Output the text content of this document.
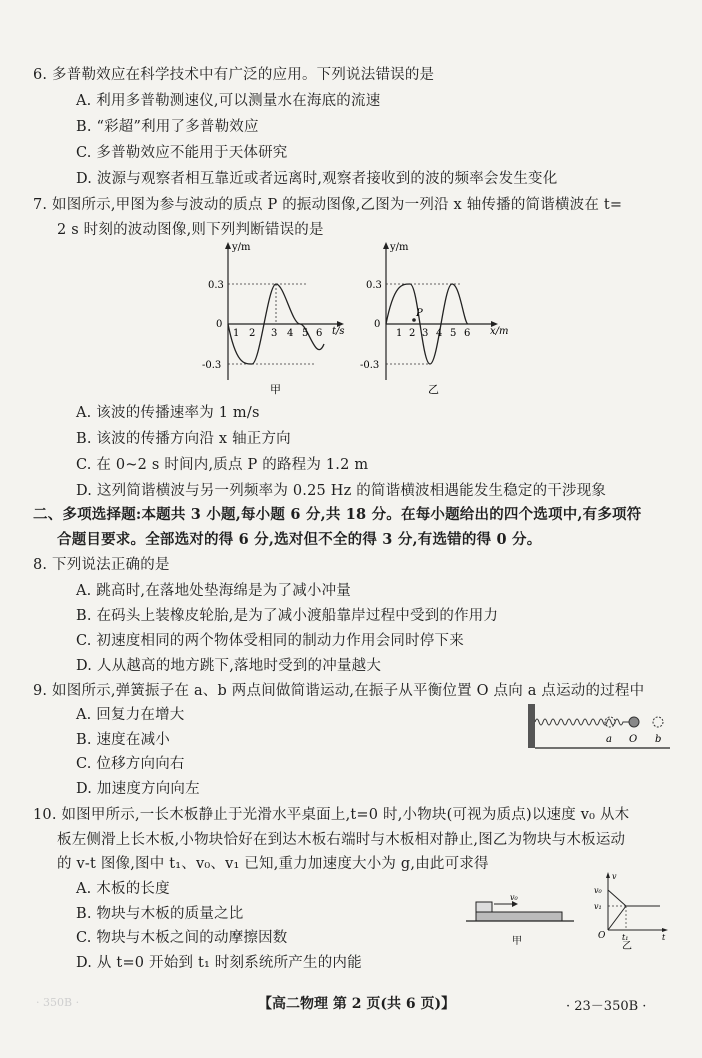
6. 多普勒效应在科学技术中有广泛的应用。下列说法错误的是
A. 利用多普勒测速仪,可以测量水在海底的流速
B. “彩超”利用了多普勒效应
C. 多普勒效应不能用于天体研究
D. 波源与观察者相互靠近或者远离时,观察者接收到的波的频率会发生变化
7. 如图所示,甲图为参与波动的质点 P 的振动图像,乙图为一列沿 x 轴传播的简谐横波在 t=
2 s 时刻的波动图像,则下列判断错误的是
y/m
0.3
0
-0.3
1 2 3 4 5 6 t/s
甲
y/m
0.3
0
-0.3
1 2 3 4 5 6
P
x/m
乙
A. 该波的传播速率为 1 m/s
B. 该波的传播方向沿 x 轴正方向
C. 在 0~2 s 时间内,质点 P 的路程为 1.2 m
D. 这列简谐横波与另一列频率为 0.25 Hz 的简谐横波相遇能发生稳定的干涉现象
二、多项选择题:本题共 3 小题,每小题 6 分,共 18 分。在每小题给出的四个选项中,有多项符
合题目要求。全部选对的得 6 分,选对但不全的得 3 分,有选错的得 0 分。
8. 下列说法正确的是
A. 跳高时,在落地处垫海绵是为了减小冲量
B. 在码头上装橡皮轮胎,是为了减小渡船靠岸过程中受到的作用力
C. 初速度相同的两个物体受相同的制动力作用会同时停下来
D. 人从越高的地方跳下,落地时受到的冲量越大
9. 如图所示,弹簧振子在 a、b 两点间做简谐运动,在振子从平衡位置 O 点向 a 点运动的过程中
A. 回复力在增大
B. 速度在减小
C. 位移方向向右
D. 加速度方向向左
a O b
10. 如图甲所示,一长木板静止于光滑水平桌面上,t=0 时,小物块(可视为质点)以速度 v₀ 从木
板左侧滑上长木板,小物块恰好在到达木板右端时与木板相对静止,图乙为物块与木板运动
的 v-t 图像,图中 t₁、v₀、v₁ 已知,重力加速度大小为 g,由此可求得
A. 木板的长度
B. 物块与木板的质量之比
C. 物块与木板之间的动摩擦因数
D. 从 t=0 开始到 t₁ 时刻系统所产生的内能
v₀
甲
v
v₀
v₁
t₁
O	t
乙
· 350B ·	【高二物理 第 2 页(共 6 页)】	· 23－350B ·
